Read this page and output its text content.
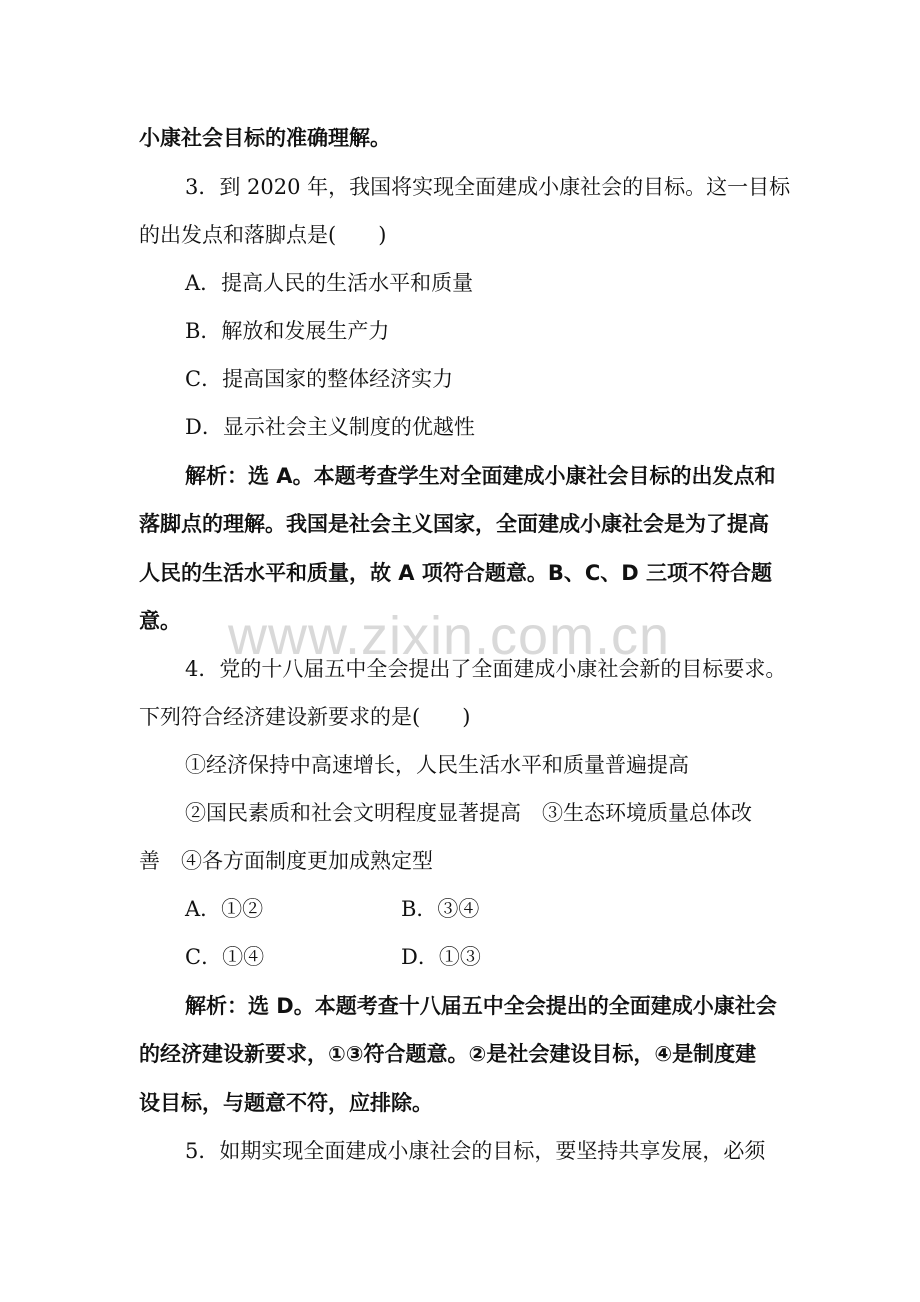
www.zixin.com.cn
小康社会目标的准确理解。
3．到 2020 年，我国将实现全面建成小康社会的目标。这一目标
的出发点和落脚点是(　　)
A．提高人民的生活水平和质量
B．解放和发展生产力
C．提高国家的整体经济实力
D．显示社会主义制度的优越性
解析：选 A。本题考查学生对全面建成小康社会目标的出发点和
落脚点的理解。我国是社会主义国家，全面建成小康社会是为了提高
人民的生活水平和质量，故 A 项符合题意。B、C、D 三项不符合题
意。
4．党的十八届五中全会提出了全面建成小康社会新的目标要求。
下列符合经济建设新要求的是(　　)
①经济保持中高速增长，人民生活水平和质量普遍提高
②国民素质和社会文明程度显著提高　③生态环境质量总体改
善　④各方面制度更加成熟定型
A．①②	B．③④
C．①④	D．①③
解析：选 D。本题考查十八届五中全会提出的全面建成小康社会
的经济建设新要求，①③符合题意。②是社会建设目标，④是制度建
设目标，与题意不符，应排除。
5．如期实现全面建成小康社会的目标，要坚持共享发展，必须
